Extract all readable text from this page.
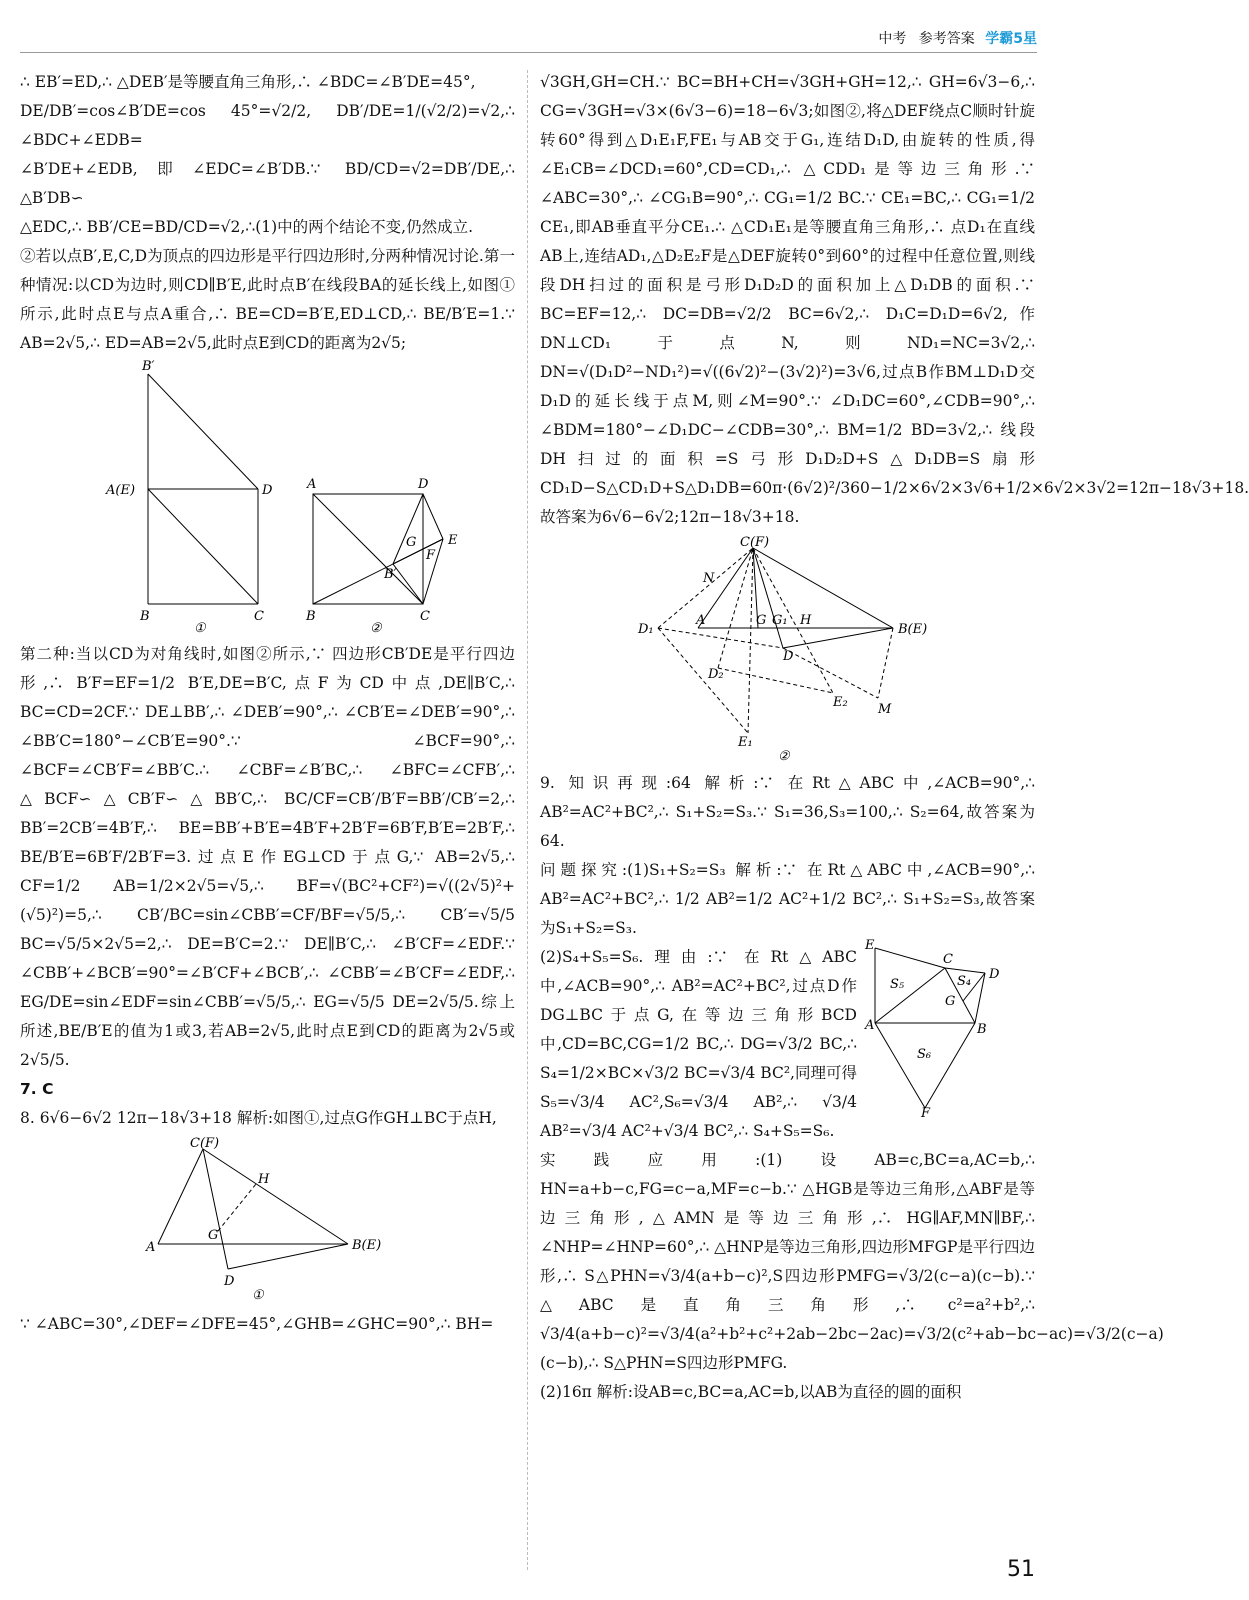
中考 参考答案 学霸5星

∴ EB′=ED,∴ △DEB′是等腰直角三角形,∴ ∠BDC=∠B′DE=45°,

DE/DB′=cos∠B′DE=cos 45°=√2/2, DB′/DE=1/(√2/2)=√2,∴ ∠BDC+∠EDB=

∠B′DE+∠EDB,即∠EDC=∠B′DB.∵ BD/CD=√2=DB′/DE,∴ △B′DB∽

△EDC,∴ BB′/CE=BD/CD=√2,∴(1)中的两个结论不变,仍然成立.

②若以点B′,E,C,D为顶点的四边形是平行四边形时,分两种情况讨论.第一种情况:以CD为边时,则CD∥B′E,此时点B′在线段BA的延长线上,如图①所示,此时点E与点A重合,∴ BE=CD=B′E,ED⊥CD,∴ BE/B′E=1.∵ AB=2√5,∴ ED=AB=2√5,此时点E到CD的距离为2√5;

B′
A(E)	D
B	C
①
A	D
G E
F
B′
B	C
②

第二种:当以CD为对角线时,如图②所示,∵ 四边形CB′DE是平行四边形,∴ B′F=EF=1/2 B′E,DE=B′C,点F为CD中点,DE∥B′C,∴ BC=CD=2CF.∵ DE⊥BB′,∴ ∠DEB′=90°,∴ ∠CB′E=∠DEB′=90°,∴ ∠BB′C=180°−∠CB′E=90°.∵ ∠BCF=90°,∴ ∠BCF=∠CB′F=∠BB′C.∴ ∠CBF=∠B′BC,∴ ∠BFC=∠CFB′,∴ △BCF∽△CB′F∽△BB′C,∴ BC/CF=CB′/B′F=BB′/CB′=2,∴ BB′=2CB′=4B′F,∴ BE=BB′+B′E=4B′F+2B′F=6B′F,B′E=2B′F,∴ BE/B′E=6B′F/2B′F=3.过点E作EG⊥CD于点G,∵ AB=2√5,∴ CF=1/2 AB=1/2×2√5=√5,∴ BF=√(BC²+CF²)=√((2√5)²+(√5)²)=5,∴ CB′/BC=sin∠CBB′=CF/BF=√5/5,∴ CB′=√5/5 BC=√5/5×2√5=2,∴ DE=B′C=2.∵ DE∥B′C,∴ ∠B′CF=∠EDF.∵ ∠CBB′+∠BCB′=90°=∠B′CF+∠BCB′,∴ ∠CBB′=∠B′CF=∠EDF,∴ EG/DE=sin∠EDF=sin∠CBB′=√5/5,∴ EG=√5/5 DE=2√5/5.综上所述,BE/B′E的值为1或3,若AB=2√5,此时点E到CD的距离为2√5或2√5/5.

7. C

8. 6√6−6√2 12π−18√3+18 解析:如图①,过点G作GH⊥BC于点H,

C(F)
H
G
A	B(E)
D
①

∵ ∠ABC=30°,∠DEF=∠DFE=45°,∠GHB=∠GHC=90°,∴ BH=

√3GH,GH=CH.∵ BC=BH+CH=√3GH+GH=12,∴ GH=6√3−6,∴ CG=√3GH=√3×(6√3−6)=18−6√3;如图②,将△DEF绕点C顺时针旋转60°得到△D₁E₁F,FE₁与AB交于G₁,连结D₁D,由旋转的性质,得∠E₁CB=∠DCD₁=60°,CD=CD₁,∴ △CDD₁是等边三角形.∵ ∠ABC=30°,∴ ∠CG₁B=90°,∴ CG₁=1/2 BC.∵ CE₁=BC,∴ CG₁=1/2 CE₁,即AB垂直平分CE₁.∴ △CD₁E₁是等腰直角三角形,∴ 点D₁在直线AB上,连结AD₁,△D₂E₂F是△DEF旋转0°到60°的过程中任意位置,则线段DH扫过的面积是弓形D₁D₂D的面积加上△D₁DB的面积.∵ BC=EF=12,∴ DC=DB=√2/2 BC=6√2,∴ D₁C=D₁D=6√2,作DN⊥CD₁于点N,则ND₁=NC=3√2,∴ DN=√(D₁D²−ND₁²)=√((6√2)²−(3√2)²)=3√6,过点B作BM⊥D₁D交D₁D的延长线于点M,则∠M=90°.∵ ∠D₁DC=60°,∠CDB=90°,∴ ∠BDM=180°−∠D₁DC−∠CDB=30°,∴ BM=1/2 BD=3√2,∴ 线段DH扫过的面积=S弓形D₁D₂D+S△D₁DB=S扇形CD₁D−S△CD₁D+S△D₁DB=60π·(6√2)²/360−1/2×6√2×3√6+1/2×6√2×3√2=12π−18√3+18.故答案为6√6−6√2;12π−18√3+18.

C(F)
N
A	G G₁ H
B(E)
D₁
D
D₂
E₂ M
E₁
②

9. 知识再现:64 解析:∵ 在Rt△ABC中,∠ACB=90°,∴ AB²=AC²+BC²,∴ S₁+S₂=S₃.∵ S₁=36,S₃=100,∴ S₂=64,故答案为64.

问题探究:(1)S₁+S₂=S₃ 解析:∵ 在Rt△ABC中,∠ACB=90°,∴ AB²=AC²+BC²,∴ 1/2 AB²=1/2 AC²+1/2 BC²,∴ S₁+S₂=S₃,故答案为S₁+S₂=S₃.

E
C
D
S₅	S₄
G
A	B
S₆
F

(2)S₄+S₅=S₆.理由:∵ 在Rt△ABC中,∠ACB=90°,∴ AB²=AC²+BC²,过点D作DG⊥BC于点G,在等边三角形BCD中,CD=BC,CG=1/2 BC,∴ DG=√3/2 BC,∴ S₄=1/2×BC×√3/2 BC=√3/4 BC²,同理可得S₅=√3/4 AC²,S₆=√3/4 AB²,∴ √3/4 AB²=√3/4 AC²+√3/4 BC²,∴ S₄+S₅=S₆.

实践应用:(1)设AB=c,BC=a,AC=b,∴ HN=a+b−c,FG=c−a,MF=c−b.∵ △HGB是等边三角形,△ABF是等边三角形,△AMN是等边三角形,∴ HG∥AF,MN∥BF,∴ ∠NHP=∠HNP=60°,∴ △HNP是等边三角形,四边形MFGP是平行四边形,∴ S△PHN=√3/4(a+b−c)²,S四边形PMFG=√3/2(c−a)(c−b).∵ △ABC是直角三角形,∴ c²=a²+b²,∴ √3/4(a+b−c)²=√3/4(a²+b²+c²+2ab−2bc−2ac)=√3/2(c²+ab−bc−ac)=√3/2(c−a)(c−b),∴ S△PHN=S四边形PMFG.

(2)16π 解析:设AB=c,BC=a,AC=b,以AB为直径的圆的面积

51
